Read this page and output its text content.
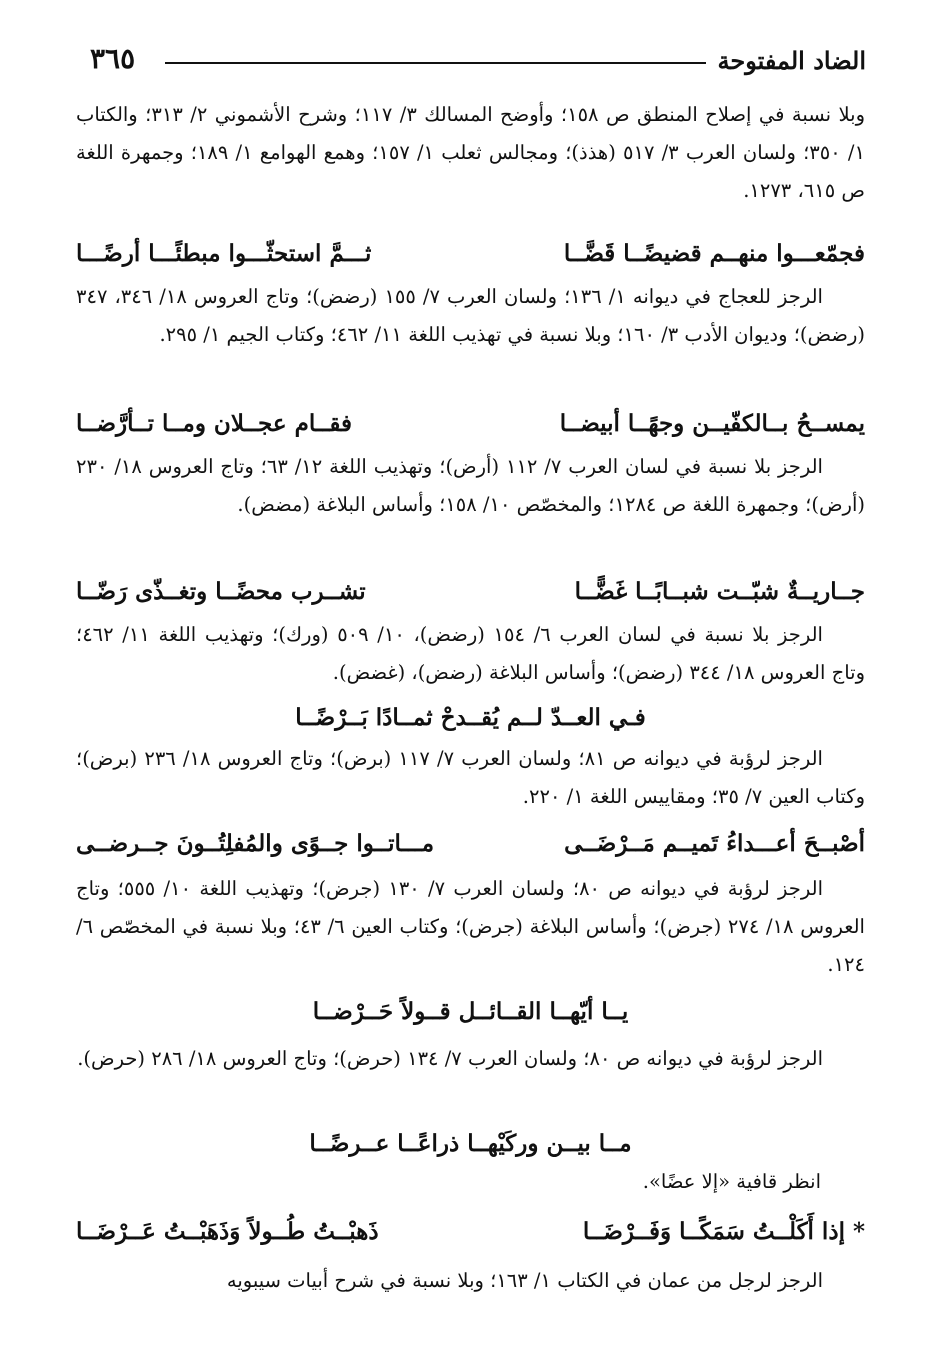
الضاد المفتوحة
٣٦٥
وبلا نسبة في إصلاح المنطق ص ١٥٨؛ وأوضح المسالك ٣/ ١١٧؛ وشرح الأشموني ٢/ ٣١٣؛ والكتاب ١/ ٣٥٠؛ ولسان العرب ٣/ ٥١٧ (هذذ)؛ ومجالس ثعلب ١/ ١٥٧؛ وهمع الهوامع ١/ ١٨٩؛ وجمهرة اللغة ص ٦١٥، ١٢٧٣.
فجمّعـــوا منهــم قضيضًــا قَضَّــا
ثـــمَّ استحثّـــوا مبطئًـــا أرضًـــا
الرجز للعجاج في ديوانه ١/ ١٣٦؛ ولسان العرب ٧/ ١٥٥ (رضض)؛ وتاج العروس ١٨/ ٣٤٦، ٣٤٧ (رضض)؛ وديوان الأدب ٣/ ١٦٠؛ وبلا نسبة في تهذيب اللغة ١١/ ٤٦٢؛ وكتاب الجيم ١/ ٢٩٥.
يمســحُ بــالكفّيــن وجهًــا أبيضــا
فقــام عجــلان ومــا تــأرَّضــا
الرجز بلا نسبة في لسان العرب ٧/ ١١٢ (أرض)؛ وتهذيب اللغة ١٢/ ٦٣؛ وتاج العروس ١٨/ ٢٣٠ (أرض)؛ وجمهرة اللغة ص ١٢٨٤؛ والمخصّص ١٠/ ١٥٨؛ وأساس البلاغة (مضض).
جــاريــةٌ شبّــت شبــابًــا غَضًّــا
تشــرب محضًــا وتغــذّى رَضّــا
الرجز بلا نسبة في لسان العرب ٦/ ١٥٤ (رضض)، ١٠/ ٥٠٩ (ورك)؛ وتهذيب اللغة ١١/ ٤٦٢؛ وتاج العروس ١٨/ ٣٤٤ (رضض)؛ وأساس البلاغة (رضض)، (غضض).
فـي العــدّ لــم يُقــدحْ ثمــادًا بَــرْضًــا
الرجز لرؤبة في ديوانه ص ٨١؛ ولسان العرب ٧/ ١١٧ (برض)؛ وتاج العروس ١٨/ ٢٣٦ (برض)؛ وكتاب العين ٧/ ٣٥؛ ومقاييس اللغة ١/ ٢٢٠.
أصْبــحَ أعـــداءُ تَميــم مَــرْضَــى
مـــاتــوا جــوًى والمُفلِتُــونَ جــرضــى
الرجز لرؤبة في ديوانه ص ٨٠؛ ولسان العرب ٧/ ١٣٠ (جرض)؛ وتهذيب اللغة ١٠/ ٥٥٥؛ وتاج العروس ١٨/ ٢٧٤ (جرض)؛ وأساس البلاغة (جرض)؛ وكتاب العين ٦/ ٤٣؛ وبلا نسبة في المخصّص ٦/ ١٢٤.
يــا أيّهــا القــائــل قــولاً حَــرْضــا
الرجز لرؤبة في ديوانه ص ٨٠؛ ولسان العرب ٧/ ١٣٤ (حرض)؛ وتاج العروس ١٨/ ٢٨٦ (حرض).
مــا بيــن وركَيْهــا ذراعًــا عــرضًــا
انظر قافية «إلا عضًا».
* إذا أَكَلْــتُ سَمَكًــا وَفَــرْضَــا
ذَهبْــتُ طُــولاً وَذَهَبْــتُ عَــرْضَــا
الرجز لرجل من عمان في الكتاب ١/ ١٦٣؛ وبلا نسبة في شرح أبيات سيبويه
